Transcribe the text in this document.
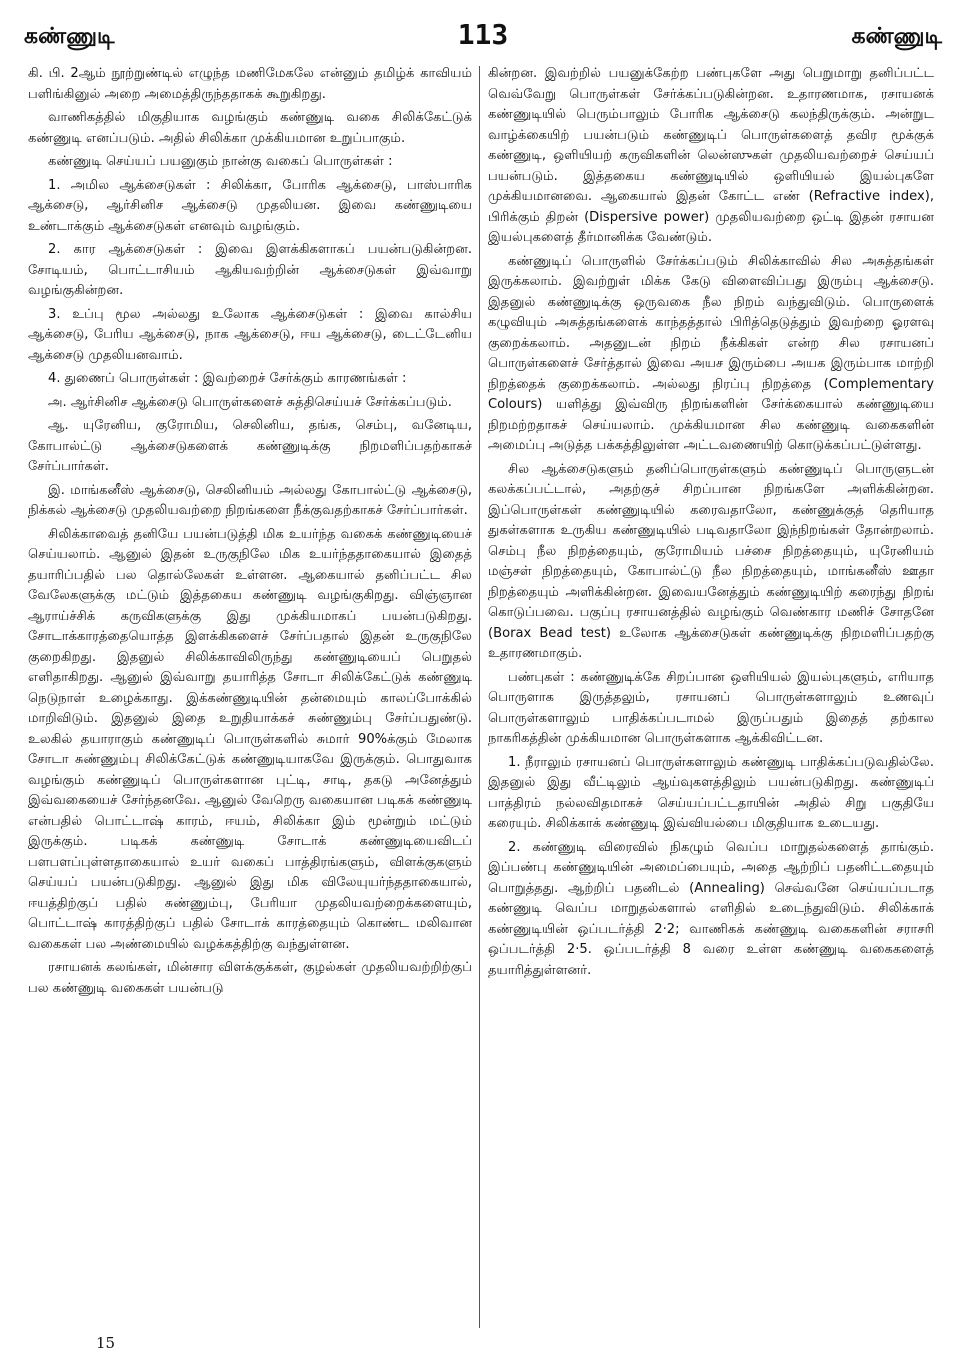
கண்ணுடி	113	கண்ணுடி

கி. பி. 2ஆம் நூற்றுண்டில் எழுந்த மணிமேகலே என்னும் தமிழ்க் காவியம் பளிங்கினுல் அறை அமைத்திருந்ததாகக் கூறுகிறது.

வாணிகத்தில் மிகுதியாக வழங்கும் கண்ணுடி வகை சிலிக்கேட்டுக் கண்ணுடி எனப்படும். அதில் சிலிக்கா முக்கியமான உறுப்பாகும்.

கண்ணுடி செய்யப் பயனுகும் நான்கு வகைப் பொருள்கள் :

1. அமில ஆக்சைடுகள் : சிலிக்கா, போரிக ஆக்சைடு, பாஸ்பாரிக ஆக்சைடு, ஆர்சினிச ஆக்சைடு முதலியன. இவை கண்ணுடியை உண்டாக்கும் ஆக்சைடுகள் எனவும் வழங்கும்.

2. கார ஆக்சைடுகள் : இவை இளக்கிகளாகப் பயன்படுகின்றன. சோடியம், பொட்டாசியம் ஆகியவற்றின் ஆக்சைடுகள் இவ்வாறு வழங்குகின்றன.

3. உப்பு மூல அல்லது உலோக ஆக்சைடுகள் : இவை கால்சிய ஆக்சைடு, பேரிய ஆக்சைடு, நாக ஆக்சைடு, ஈய ஆக்சைடு, டைட்டேனிய ஆக்சைடு முதலியனவாம்.

4. துணைப் பொருள்கள் : இவற்றைச் சேர்க்கும் காரணங்கள் :

அ. ஆர்சினிச ஆக்சைடு பொருள்களைச் சுத்திசெய்யச் சேர்க்கப்படும்.

ஆ. யுரேனிய, குரோமிய, செலினிய, தங்க, செம்பு, வனேடிய, கோபால்ட்டு ஆக்சைடுகளைக் கண்ணுடிக்கு நிறமளிப்பதற்காகச் சேர்ப்பார்கள்.

இ. மாங்கனீஸ் ஆக்சைடு, செலினியம் அல்லது கோபால்ட்டு ஆக்சைடு, நிக்கல் ஆக்சைடு முதலியவற்றை நிறங்களை நீக்குவதற்காகச் சேர்ப்பார்கள்.

சிலிக்காவைத் தனியே பயன்படுத்தி மிக உயர்ந்த வகைக் கண்ணுடியைச் செய்யலாம். ஆனுல் இதன் உருகுநிலே மிக உயர்ந்ததாகையால் இதைத் தயாரிப்பதில் பல தொல்லேகள் உள்ளன. ஆகையால் தனிப்பட்ட சில வேலேகளுக்கு மட்டும் இத்தகைய கண்ணுடி வழங்குகிறது. விஞ்ஞான ஆராய்ச்சிக் கருவிகளுக்கு இது முக்கியமாகப் பயன்படுகிறது. சோடாக்காரத்தையொத்த இளக்கிகளைச் சேர்ப்பதால் இதன் உருகுநிலே குறைகிறது. இதனுல் சிலிக்காவிலிருந்து கண்ணுடியைப் பெறுதல் எளிதாகிறது. ஆனுல் இவ்வாறு தயாரித்த சோடா சிலிக்கேட்டுக் கண்ணுடி நெடுநாள் உழைக்காது. இக்கண்ணுடியின் தன்மையும் காலப்போக்கில் மாறிவிடும். இதனுல் இதை உறுதியாக்கச் சுண்ணும்பு சேர்ப்பதுண்டு. உலகில் தயாராகும் கண்ணுடிப் பொருள்களில் சுமார் 90%க்கும் மேலாக சோடா சுண்ணும்பு சிலிக்கேட்டுக் கண்ணுடியாகவே இருக்கும். பொதுவாக வழங்கும் கண்ணுடிப் பொருள்களான புட்டி, சாடி, தகடு அனேத்தும் இவ்வகையைச் சேர்ந்தனவே. ஆனுல் வேறெரு வகையான படிகக் கண்ணுடி என்பதில் பொட்டாஷ் காரம், ஈயம், சிலிக்கா இம் மூன்றும் மட்டும் இருக்கும். படிகக் கண்ணுடி சோடாக் கண்ணுடியைவிடப் பளபளப்புள்ளதாகையால் உயர் வகைப் பாத்திரங்களும், விளக்குகளும் செய்யப் பயன்படுகிறது. ஆனுல் இது மிக விலேயுயர்ந்ததாகையால், ஈயத்திற்குப் பதில் சுண்ணும்பு, பேரியா முதலியவற்றைக்களையும், பொட்டாஷ் காரத்திற்குப் பதில் சோடாக் காரத்தையும் கொண்ட மலிவான வகைகள் பல அண்மையில் வழக்கத்திற்கு வந்துள்ளன.

ரசாயனக் கலங்கள், மின்சார விளக்குக்கள், குழல்கள் முதலியவற்றிற்குப் பல கண்ணுடி வகைகள் பயன்படு

கின்றன. இவற்றில் பயனுக்கேற்ற பண்புகளே அது பெறுமாறு தனிப்பட்ட வெவ்வேறு பொருள்கள் சேர்க்கப்படுகின்றன. உதாரணமாக, ரசாயனக் கண்ணுடியில் பெரும்பாலும் போரிக ஆக்சைடு கலந்திருக்கும். அன்றுட வாழ்க்கையிற் பயன்படும் கண்ணுடிப் பொருள்களைத் தவிர மூக்குக் கண்ணுடி, ஒளியியற் கருவிகளின் லென்ஸுகள் முதலியவற்றைச் செய்யப் பயன்படும். இத்தகைய கண்ணுடியில் ஒளியியல் இயல்புகளே முக்கியமானவை. ஆகையால் இதன் கோட்ட எண் (Refractive index), பிரிக்கும் திறன் (Dispersive power) முதலியவற்றை ஒட்டி இதன் ரசாயன இயல்புகளைத் தீர்மானிக்க வேண்டும்.

கண்ணுடிப் பொருளில் சேர்க்கப்படும் சிலிக்காவில் சில அசுத்தங்கள் இருக்கலாம். இவற்றுள் மிக்க கேடு விளைவிப்பது இரும்பு ஆக்சைடு. இதனுல் கண்ணுடிக்கு ஒருவகை நீல நிறம் வந்துவிடும். பொருளைக் கழுவியும் அசுத்தங்களைக் காந்தத்தால் பிரித்தெடுத்தும் இவற்றை ஓரளவு குறைக்கலாம். அதனுடன் நிறம் நீக்கிகள் என்ற சில ரசாயனப் பொருள்களைச் சேர்த்தால் இவை அயச இரும்பை அயக இரும்பாக மாற்றி நிறத்தைக் குறைக்கலாம். அல்லது நிரப்பு நிறத்தை (Complementary Colours) யளித்து இவ்விரு நிறங்களின் சேர்க்கையால் கண்ணுடியை நிறமற்றதாகச் செய்யலாம். முக்கியமான சில கண்ணுடி வகைகளின் அமைப்பு அடுத்த பக்கத்திலுள்ள அட்டவணையிற் கொடுக்கப்பட்டுள்ளது.

சில ஆக்சைடுகளும் தனிப்பொருள்களும் கண்ணுடிப் பொருளுடன் கலக்கப்பட்டால், அதற்குச் சிறப்பான நிறங்களே அளிக்கின்றன. இப்பொருள்கள் கண்ணுடியில் கரைவதாலோ, கண்ணுக்குத் தெரியாத துகள்களாக உருகிய கண்ணுடியில் படிவதாலோ இந்நிறங்கள் தோன்றலாம். செம்பு நீல நிறத்தையும், குரோமியம் பச்சை நிறத்தையும், யுரேனியம் மஞ்சள் நிறத்தையும், கோபால்ட்டு நீல நிறத்தையும், மாங்கனீஸ் ஊதா நிறத்தையும் அளிக்கின்றன. இவையனேத்தும் கண்ணுடியிற் கரைந்து நிறங் கொடுப்பவை. பகுப்பு ரசாயனத்தில் வழங்கும் வெண்கார மணிச் சோதனே (Borax Bead test) உலோக ஆக்சைடுகள் கண்ணுடிக்கு நிறமளிப்பதற்கு உதாரணமாகும்.

பண்புகள் : கண்ணுடிக்கே சிறப்பான ஒளியியல் இயல்புகளும், எரியாத பொருளாக இருத்தலும், ரசாயனப் பொருள்களாலும் உணவுப் பொருள்களாலும் பாதிக்கப்படாமல் இருப்பதும் இதைத் தற்கால நாகரிகத்தின் முக்கியமான பொருள்களாக ஆக்கிவிட்டன.

1. நீராலும் ரசாயனப் பொருள்களாலும் கண்ணுடி பாதிக்கப்படுவதில்லே. இதனுல் இது வீட்டிலும் ஆய்வுகளத்திலும் பயன்படுகிறது. கண்ணுடிப் பாத்திரம் நல்லவிதமாகச் செய்யப்பட்டதாயின் அதில் சிறு பகுதியே கரையும். சிலிக்காக் கண்ணுடி இவ்வியல்பை மிகுதியாக உடையது.

2. கண்ணுடி விரைவில் நிகழும் வெப்ப மாறுதல்களைத் தாங்கும். இப்பண்பு கண்ணுடியின் அமைப்பையும், அதை ஆற்றிப் பதனிட்டதையும் பொறுத்தது. ஆற்றிப் பதனிடல் (Annealing) செவ்வனே செய்யப்படாத கண்ணுடி வெப்ப மாறுதல்களால் எளிதில் உடைந்துவிடும். சிலிக்காக் கண்ணுடியின் ஒப்படர்த்தி 2·2; வாணிகக் கண்ணுடி வகைகளின் சராசரி ஒப்படர்த்தி 2·5. ஒப்படர்த்தி 8 வரை உள்ள கண்ணுடி வகைகளைத் தயாரித்துள்ளனர்.

15
